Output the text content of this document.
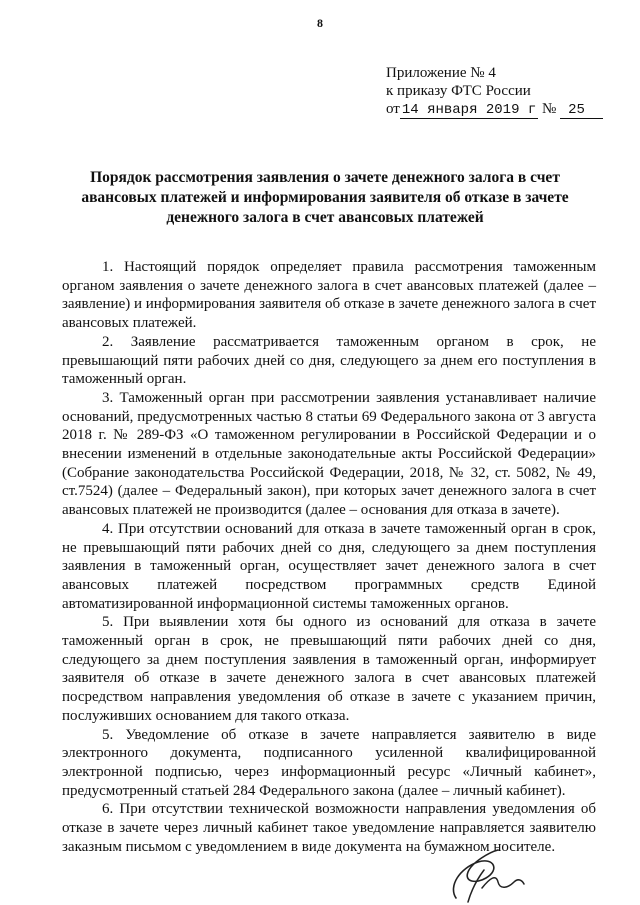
8
Приложение № 4
к приказу ФТС России
от 14 января 2019 г № 25
Порядок рассмотрения заявления о зачете денежного залога в счет авансовых платежей и информирования заявителя об отказе в зачете денежного залога в счет авансовых платежей

1. Настоящий порядок определяет правила рассмотрения таможенным органом заявления о зачете денежного залога в счет авансовых платежей (далее – заявление) и информирования заявителя об отказе в зачете денежного залога в счет авансовых платежей.

2. Заявление рассматривается таможенным органом в срок, не превышающий пяти рабочих дней со дня, следующего за днем его поступления в таможенный орган.

3. Таможенный орган при рассмотрении заявления устанавливает наличие оснований, предусмотренных частью 8 статьи 69 Федерального закона от 3 августа 2018 г. № 289-ФЗ «О таможенном регулировании в Российской Федерации и о внесении изменений в отдельные законодательные акты Российской Федерации» (Собрание законодательства Российской Федерации, 2018, № 32, ст. 5082, № 49, ст.7524) (далее – Федеральный закон), при которых зачет денежного залога в счет авансовых платежей не производится (далее – основания для отказа в зачете).

4. При отсутствии оснований для отказа в зачете таможенный орган в срок, не превышающий пяти рабочих дней со дня, следующего за днем поступления заявления в таможенный орган, осуществляет зачет денежного залога в счет авансовых платежей посредством программных средств Единой автоматизированной информационной системы таможенных органов.

5. При выявлении хотя бы одного из оснований для отказа в зачете таможенный орган в срок, не превышающий пяти рабочих дней со дня, следующего за днем поступления заявления в таможенный орган, информирует заявителя об отказе в зачете денежного залога в счет авансовых платежей посредством направления уведомления об отказе в зачете с указанием причин, послуживших основанием для такого отказа.

5. Уведомление об отказе в зачете направляется заявителю в виде электронного документа, подписанного усиленной квалифицированной электронной подписью, через информационный ресурс «Личный кабинет», предусмотренный статьей 284 Федерального закона (далее – личный кабинет).

6. При отсутствии технической возможности направления уведомления об отказе в зачете через личный кабинет такое уведомление направляется заявителю заказным письмом с уведомлением в виде документа на бумажном носителе.
